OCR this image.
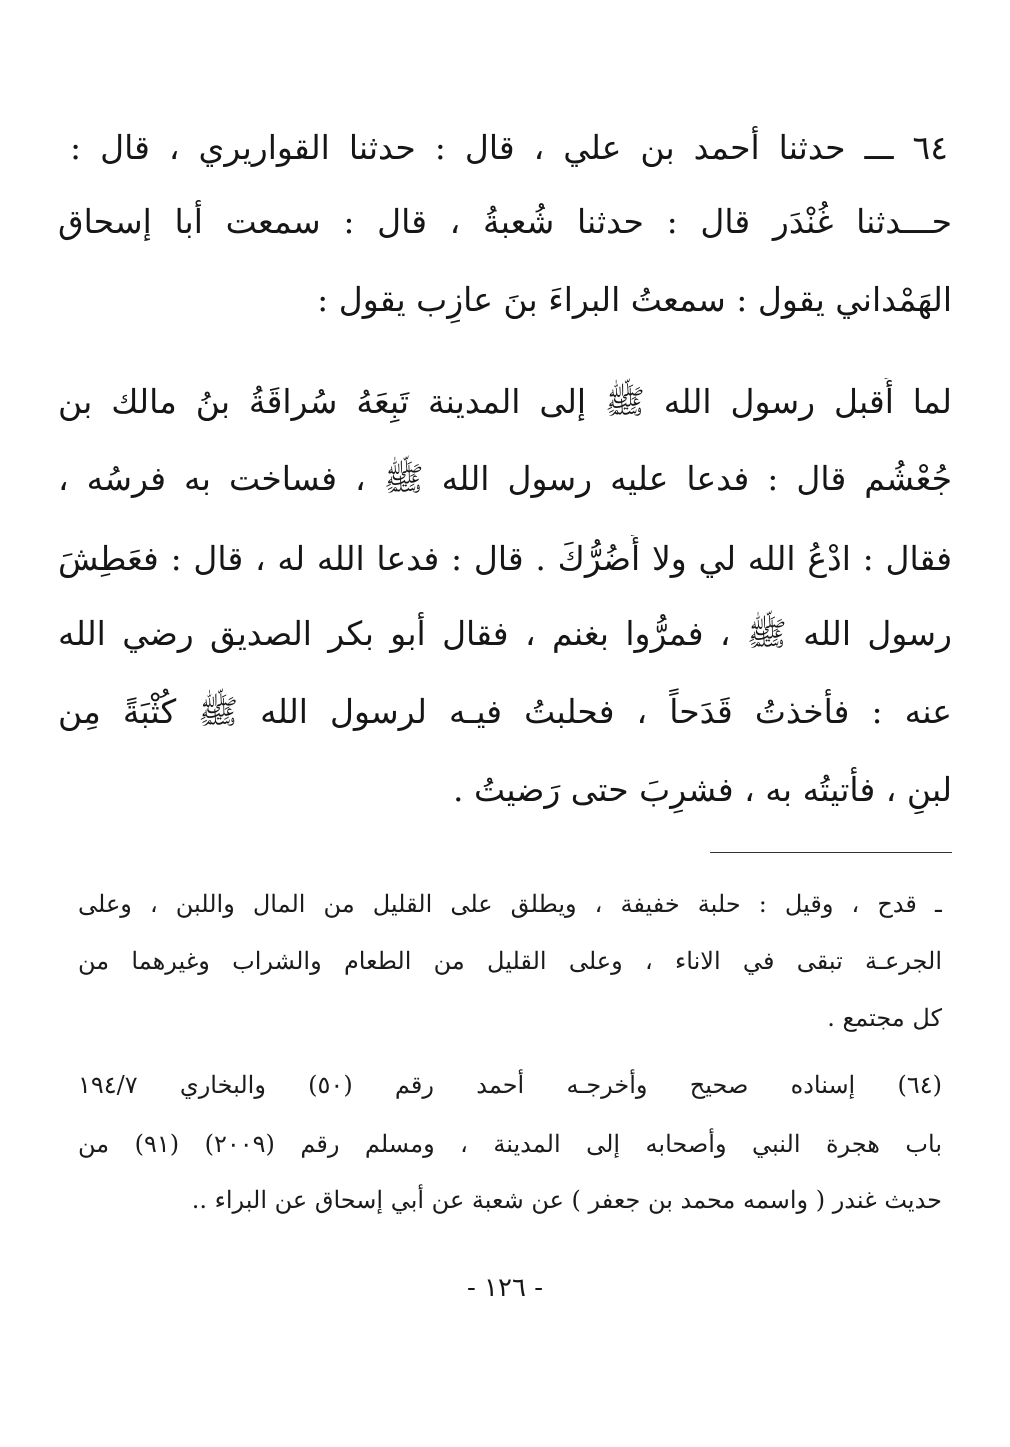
٦٤ ـــ حدثنا أحمد بن علي ، قال : حدثنا القواريري ، قال :
حـــدثنا غُنْدَر قال : حدثنا شُعبةُ ، قال : سمعت أبا إسحاق
الهَمْداني يقول : سمعتُ البراءَ بنَ عازِب يقول :
لما أَقبل رسول الله ﷺ إلى المدينة تَبِعَهُ سُراقَةُ بنُ مالك بن
جُعْشُم قال : فدعا عليه رسول الله ﷺ ، فساخت به فرسُه ،
فقال : ادْعُ الله لي ولا أَضُرُّكَ . قال : فدعا الله له ، قال : فعَطِشَ
رسول الله ﷺ ، فمرُّوا بغنم ، فقال أبو بكر الصديق رضي الله
عنه : فأَخذتُ قَدَحاً ، فحلبتُ فيـه لرسول الله ﷺ كُثْبَةً مِن
لبنٍ ، فأتيتُه به ، فشرِبَ حتى رَضيتُ .
ـ قدح ، وقيل : حلبة خفيفة ، ويطلق على القليل من المال واللبن ، وعلى
الجرعـة تبقى في الاناء ، وعلى القليل من الطعام والشراب وغيرهما من
كل مجتمع .
(٦٤) إسناده صحيح وأخرجـه أحمد رقم (٥٠) والبخاري ١٩٤/٧
باب هجرة النبي وأصحابه إلى المدينة ، ومسلم رقم (٢٠٠٩) (٩١) من
حديث غندر ( واسمه محمد بن جعفر ) عن شعبة عن أبي إسحاق عن البراء ..
- ١٢٦ -
